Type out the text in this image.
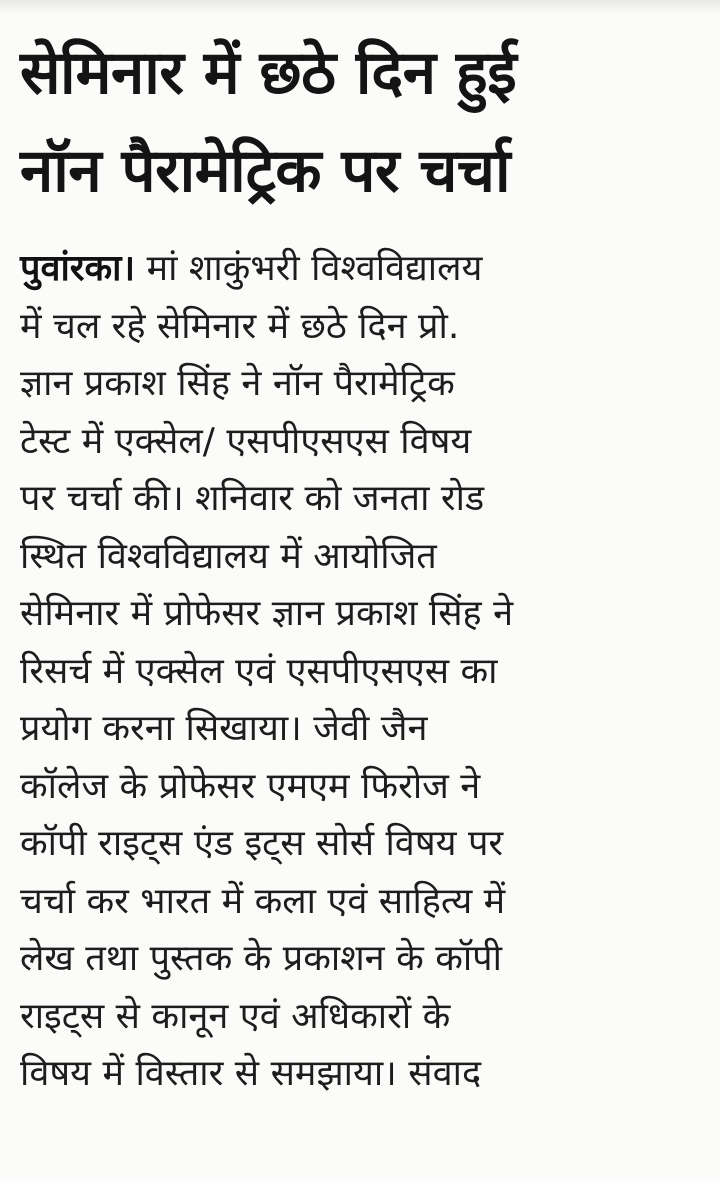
सेमिनार में छठे दिन हुई
नॉन पैरामेट्रिक पर चर्चा
पुवांरका। मां शाकुंभरी विश्वविद्यालय
में चल रहे सेमिनार में छठे दिन प्रो.
ज्ञान प्रकाश सिंह ने नॉन पैरामेट्रिक
टेस्ट में एक्सेल/ एसपीएसएस विषय
पर चर्चा की। शनिवार को जनता रोड
स्थित विश्वविद्यालय में आयोजित
सेमिनार में प्रोफेसर ज्ञान प्रकाश सिंह ने
रिसर्च में एक्सेल एवं एसपीएसएस का
प्रयोग करना सिखाया। जेवी जैन
कॉलेज के प्रोफेसर एमएम फिरोज ने
कॉपी राइट्स एंड इट्स सोर्स विषय पर
चर्चा कर भारत में कला एवं साहित्य में
लेख तथा पुस्तक के प्रकाशन के कॉपी
राइट्स से कानून एवं अधिकारों के
विषय में विस्तार से समझाया। संवाद
